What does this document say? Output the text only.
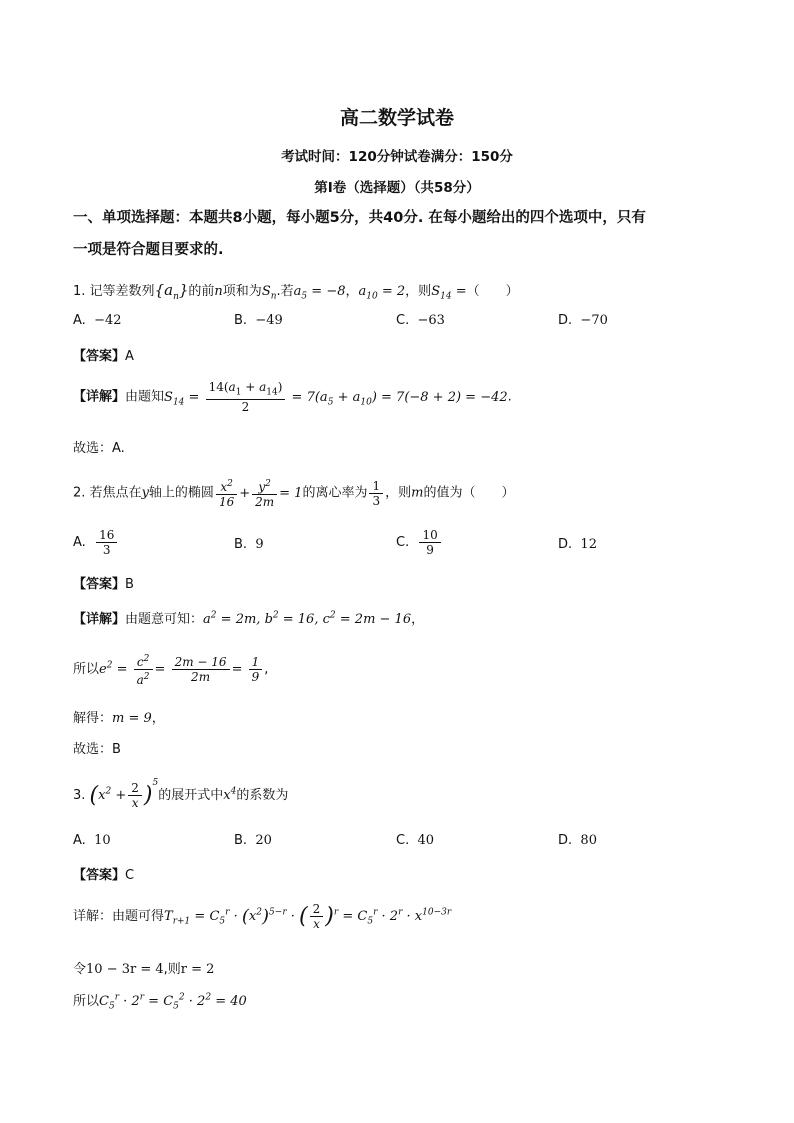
高二数学试卷
考试时间：120分钟试卷满分：150分
第Ⅰ卷（选择题）（共58分）
一、单项选择题：本题共8小题，每小题5分，共40分. 在每小题给出的四个选项中，只有
一项是符合题目要求的.
1. 记等差数列$\{a_n\}$的前n项和为$S_n$.若$a_5 = -8$，$a_{10} = 2$，则$S_{14}$ =（　　）
A. −42	B. −49	C. −63	D. −70
【答案】A
【详解】由题知$S_{14} = \frac{14(a_1 + a_{14})}{2} = 7(a_5 + a_{10}) = 7(-8 + 2) = -42$.
故选：A.
2. 若焦点在y轴上的椭圆 $\frac{x^2}{16} + \frac{y^2}{2m} = 1$的离心率为 $\frac{1}{3}$ ，则m的值为（　　）
A. $\frac{16}{3}$	B. 9	C. $\frac{10}{9}$	D. 12
【答案】B
【详解】由题意可知：$a^2 = 2m$, $b^2 = 16$, $c^2 = 2m - 16$，
所以$e^2 = \frac{c^2}{a^2} = \frac{2m - 16}{2m} = \frac{1}{9}$ ,
解得：m = 9，
故选：B
3. $(x^2 + \frac{2}{x} )^5$的展开式中$x^4$的系数为
A. 10	B. 20	C. 40	D. 80
【答案】C
详解：由题可得$T_{r+1} = C_5^r \cdot (x^2)^{5-r}$ · ( $\frac{2}{x} )^r = C_5^r \cdot 2^r \cdot x^{10-3r}$
令10 − 3r = 4,则r = 2
所以$C_5^r \cdot 2^r = C_5^2 \cdot 2^2 = 40$
